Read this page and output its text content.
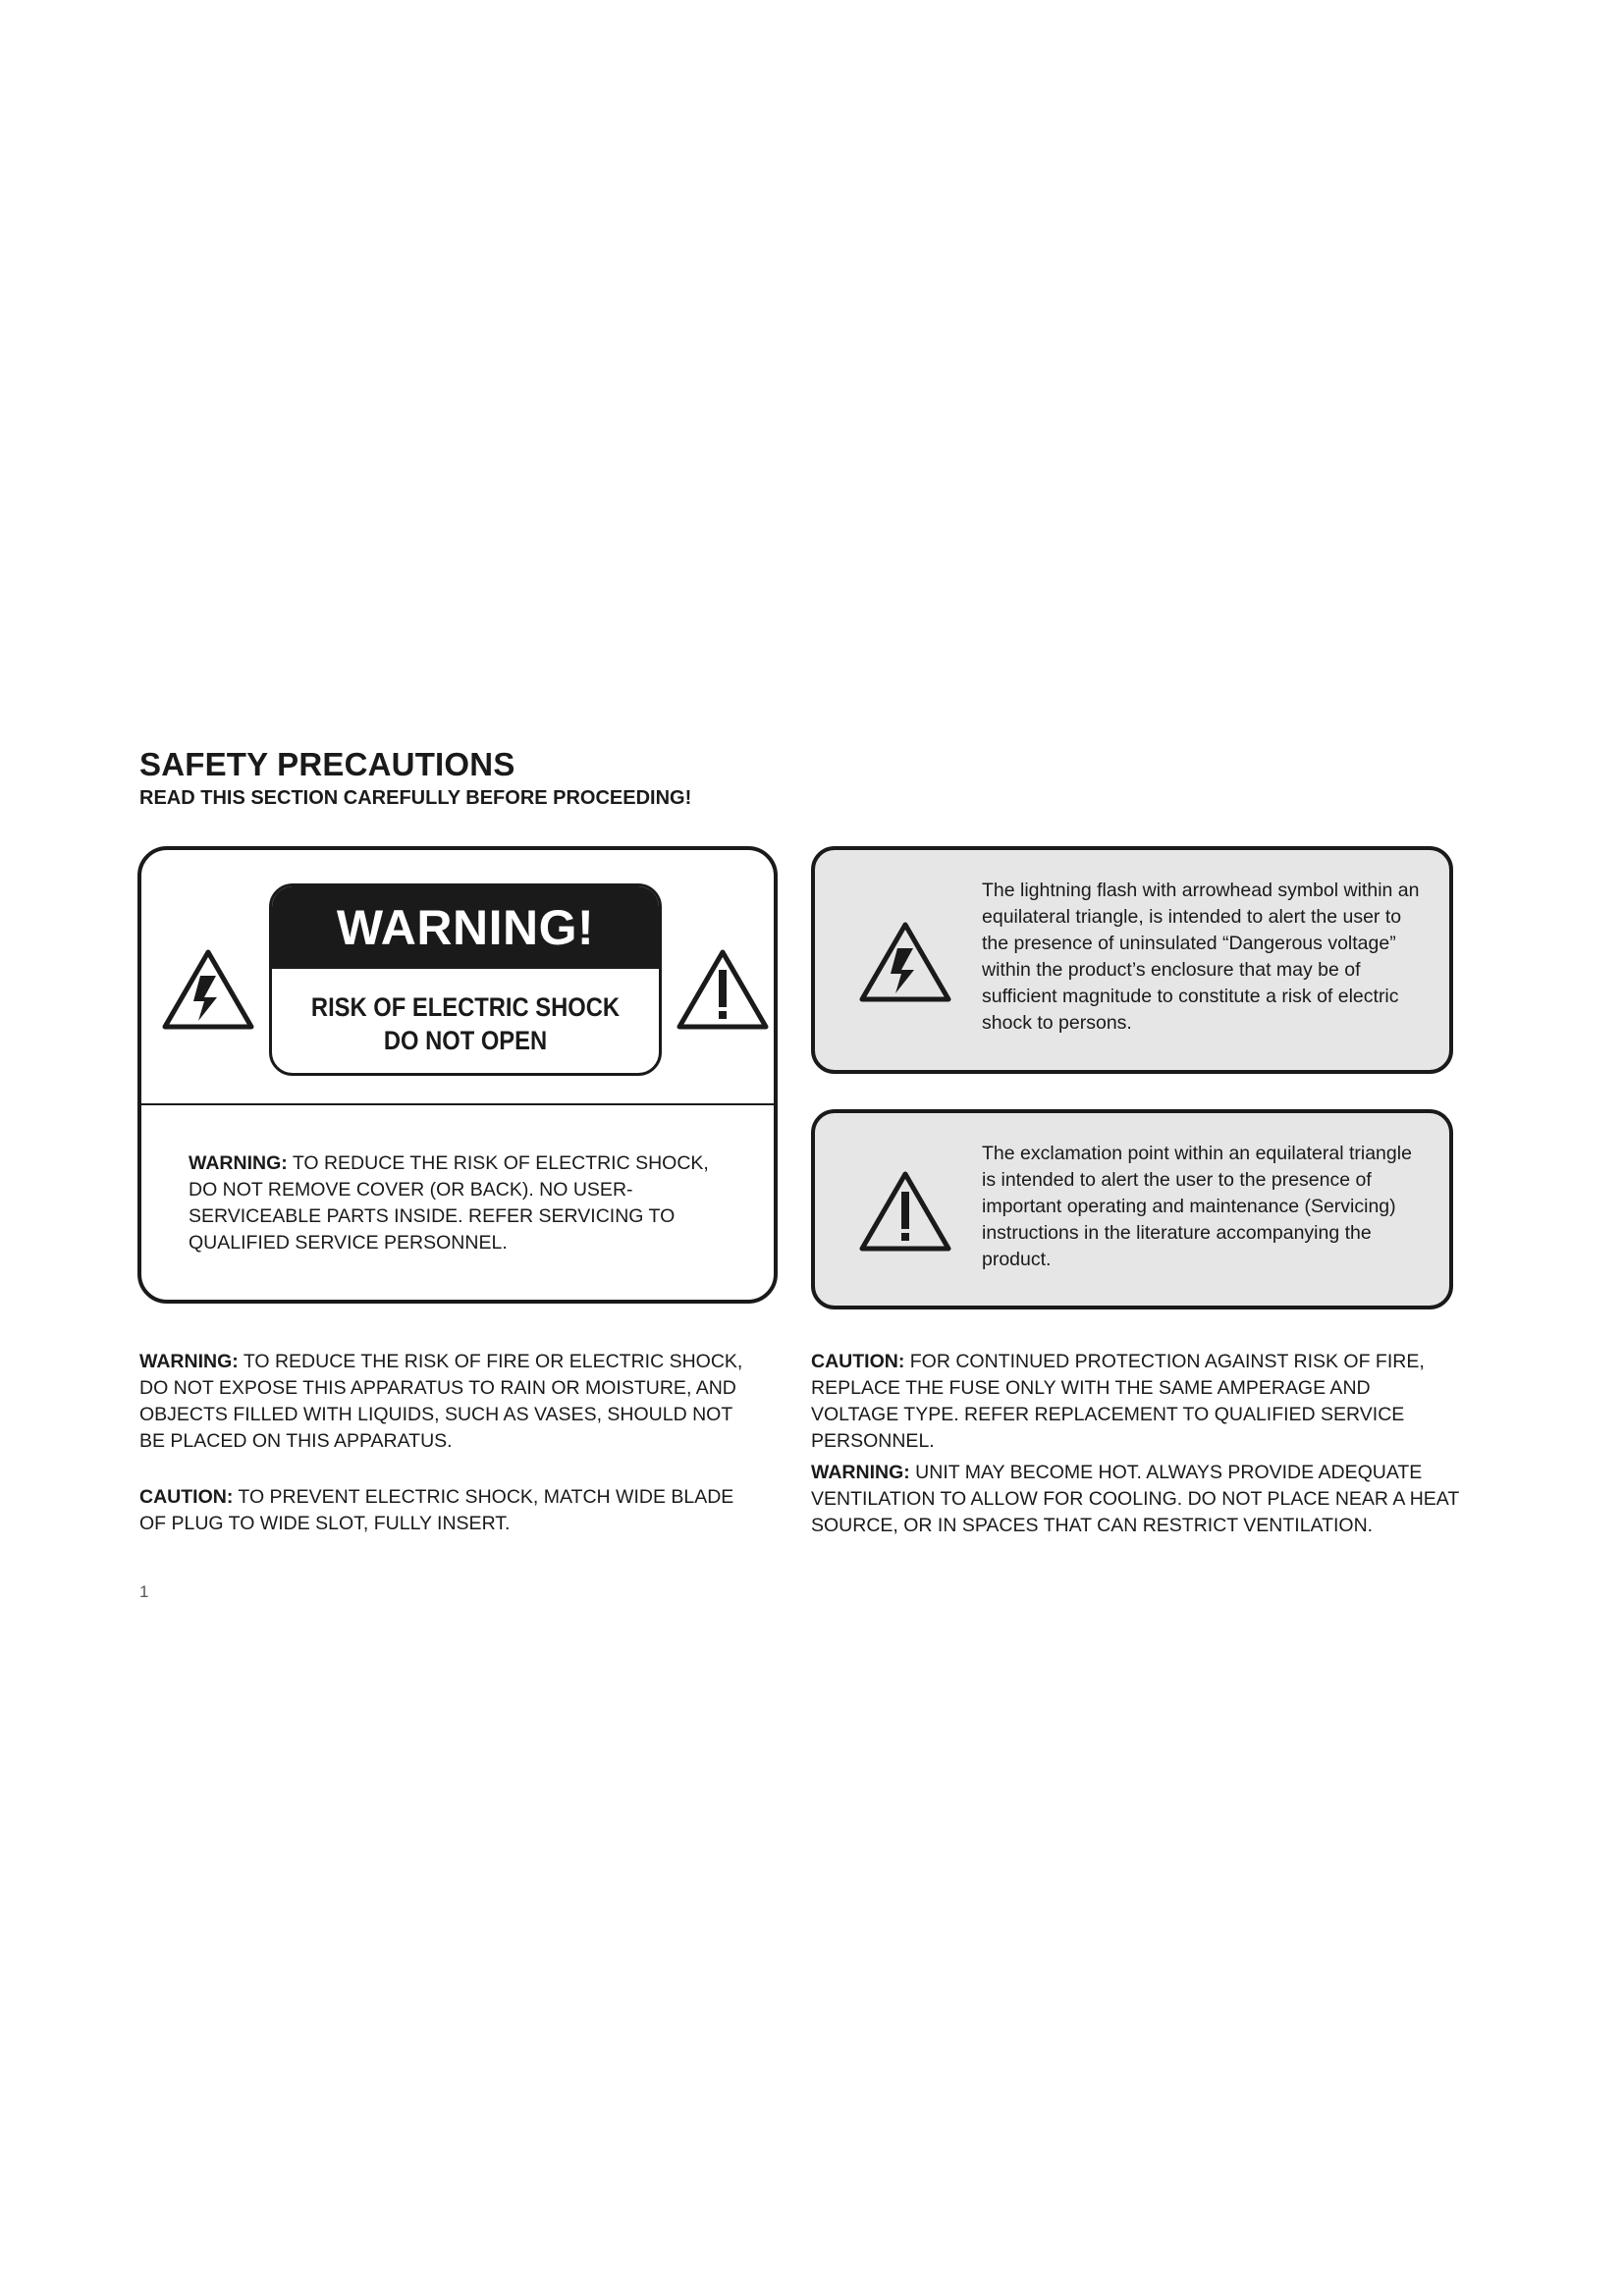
SAFETY PRECAUTIONS
READ THIS SECTION CAREFULLY BEFORE PROCEEDING!
WARNING!
RISK OF ELECTRIC SHOCK
DO NOT OPEN
WARNING: TO REDUCE THE RISK OF ELECTRIC SHOCK, DO NOT REMOVE COVER (OR BACK). NO USER-SERVICEABLE PARTS INSIDE. REFER SERVICING TO QUALIFIED SERVICE PERSONNEL.
The lightning flash with arrowhead symbol within an equilateral triangle, is intended to alert the user to the presence of uninsulated “Dangerous voltage” within the product’s enclosure that may be of sufficient magnitude to constitute a risk of electric shock to persons.
The exclamation point within an equilateral triangle is intended to alert the user to the presence of important operating and maintenance (Servicing) instructions in the literature accompanying the product.
WARNING: TO REDUCE THE RISK OF FIRE OR ELECTRIC SHOCK, DO NOT EXPOSE THIS APPARATUS TO RAIN OR MOISTURE, AND OBJECTS FILLED WITH LIQUIDS, SUCH AS VASES, SHOULD NOT BE PLACED ON THIS APPARATUS.
CAUTION: TO PREVENT ELECTRIC SHOCK, MATCH WIDE BLADE OF PLUG TO WIDE SLOT, FULLY INSERT.
CAUTION: FOR CONTINUED PROTECTION AGAINST RISK OF FIRE, REPLACE THE FUSE ONLY WITH THE SAME AMPERAGE AND VOLTAGE TYPE. REFER REPLACEMENT TO QUALIFIED SERVICE PERSONNEL.
WARNING: UNIT MAY BECOME HOT. ALWAYS PROVIDE ADEQUATE VENTILATION TO ALLOW FOR COOLING. DO NOT PLACE NEAR A HEAT SOURCE, OR IN SPACES THAT CAN RESTRICT VENTILATION.
1
